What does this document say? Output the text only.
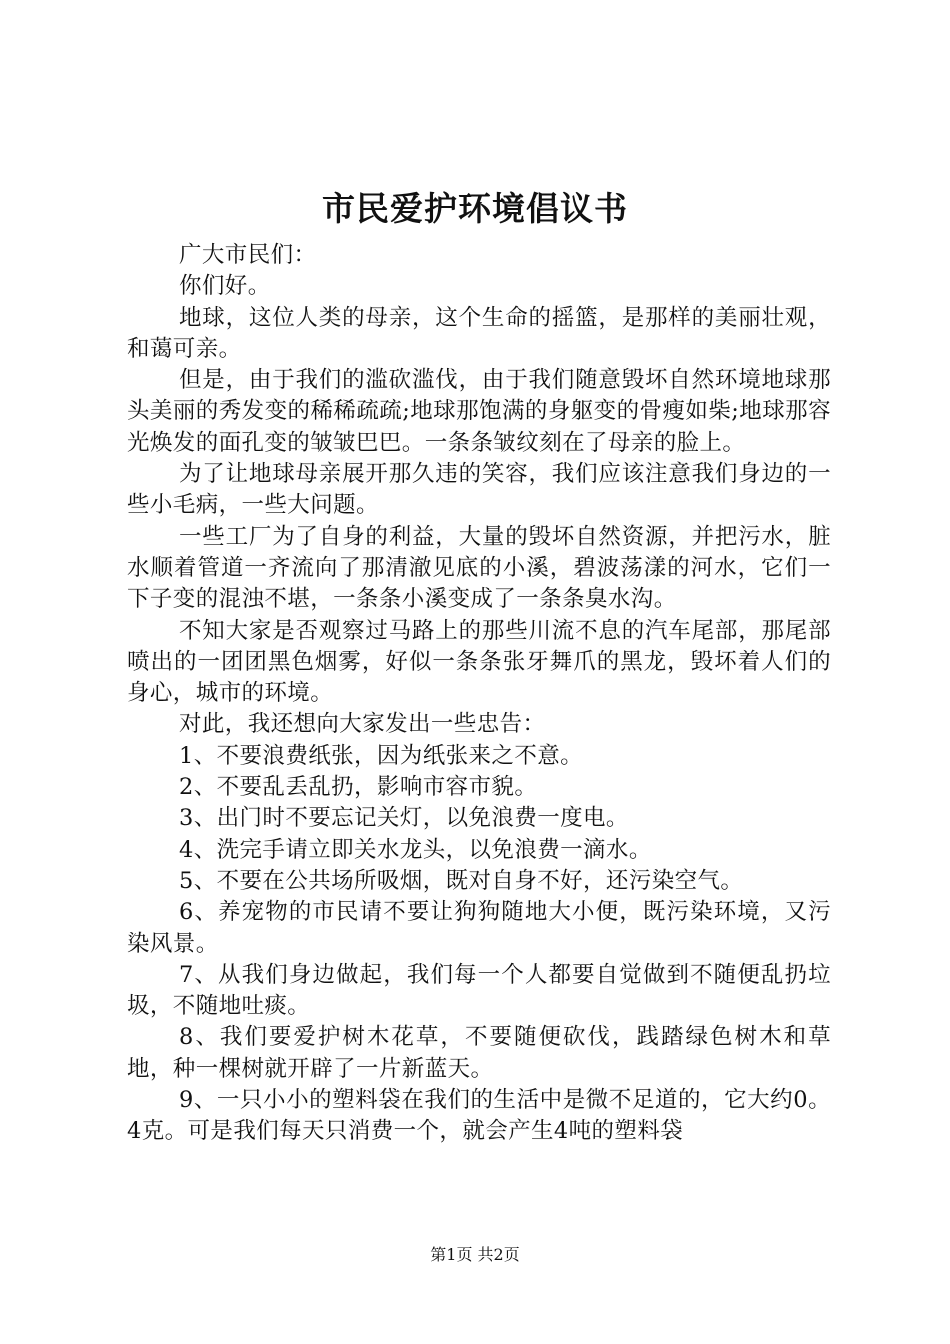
市民爱护环境倡议书

广大市民们：

你们好。

地球，这位人类的母亲，这个生命的摇篮，是那样的美丽壮观，和蔼可亲。

但是，由于我们的滥砍滥伐，由于我们随意毁坏自然环境地球那头美丽的秀发变的稀稀疏疏;地球那饱满的身躯变的骨瘦如柴;地球那容光焕发的面孔变的皱皱巴巴。一条条皱纹刻在了母亲的脸上。

为了让地球母亲展开那久违的笑容，我们应该注意我们身边的一些小毛病，一些大问题。

一些工厂为了自身的利益，大量的毁坏自然资源，并把污水，脏水顺着管道一齐流向了那清澈见底的小溪，碧波荡漾的河水，它们一下子变的混浊不堪，一条条小溪变成了一条条臭水沟。

不知大家是否观察过马路上的那些川流不息的汽车尾部，那尾部喷出的一团团黑色烟雾，好似一条条张牙舞爪的黑龙，毁坏着人们的身心，城市的环境。

对此，我还想向大家发出一些忠告：

1、不要浪费纸张，因为纸张来之不意。

2、不要乱丢乱扔，影响市容市貌。

3、出门时不要忘记关灯，以免浪费一度电。

4、洗完手请立即关水龙头，以免浪费一滴水。

5、不要在公共场所吸烟，既对自身不好，还污染空气。

6、养宠物的市民请不要让狗狗随地大小便，既污染环境，又污染风景。

7、从我们身边做起，我们每一个人都要自觉做到不随便乱扔垃圾，不随地吐痰。

8、我们要爱护树木花草，不要随便砍伐，践踏绿色树木和草地，种一棵树就开辟了一片新蓝天。

9、一只小小的塑料袋在我们的生活中是微不足道的，它大约0。4克。可是我们每天只消费一个，就会产生4吨的塑料袋

第1页 共2页
